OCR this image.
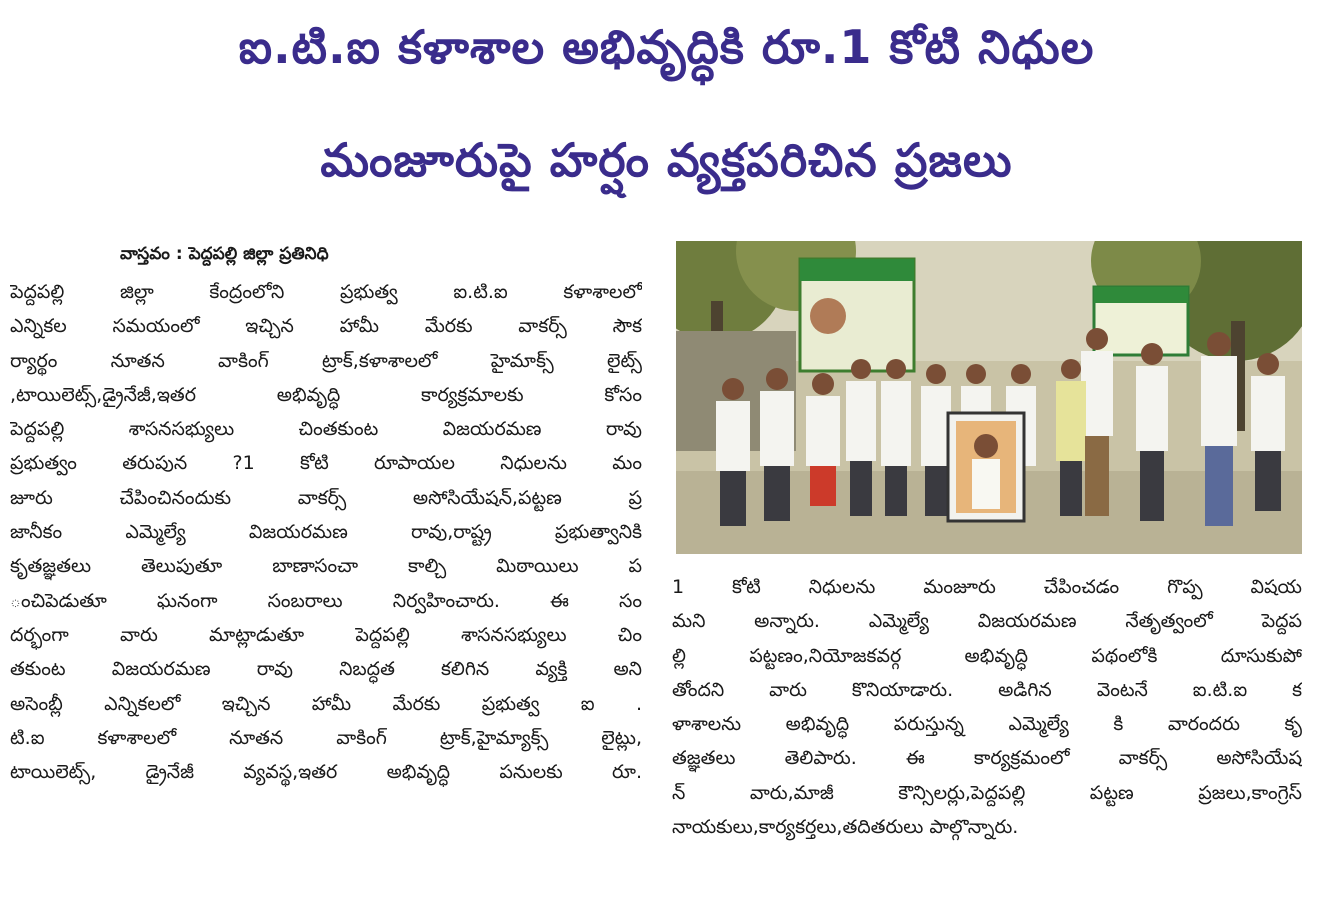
ఐ.టి.ఐ కళాశాల అభివృద్ధికి రూ.1 కోటి నిధుల
మంజూరుపై హర్షం వ్యక్తపరిచిన ప్రజలు
వాస్తవం : పెద్దపల్లి జిల్లా ప్రతినిధి
పెద్దపల్లి జిల్లా కేంద్రంలోని ప్రభుత్వ ఐ.టి.ఐ కళాశాలలో
ఎన్నికల సమయంలో ఇచ్చిన హామీ మేరకు వాకర్స్ సౌక
ర్యార్థం నూతన వాకింగ్ ట్రాక్,కళాశాలలో హైమాక్స్ లైట్స్
,టాయిలెట్స్,డ్రైనేజీ,ఇతర అభివృద్ధి కార్యక్రమాలకు కోసం
పెద్దపల్లి శాసనసభ్యులు చింతకుంట విజయరమణ రావు
ప్రభుత్వం తరుపున ?1 కోటి రూపాయల నిధులను మం
జూరు చేపించినందుకు వాకర్స్ అసోసియేషన్,పట్టణ ప్ర
జానీకం ఎమ్మెల్యే విజయరమణ రావు,రాష్ట్ర ప్రభుత్వానికి
కృతజ్ఞతలు తెలుపుతూ బాణాసంచా కాల్చి మిఠాయిలు ప
ంచిపెడుతూ ఘనంగా సంబరాలు నిర్వహించారు. ఈ సం
దర్భంగా వారు మాట్లాడుతూ పెద్దపల్లి శాసనసభ్యులు చిం
తకుంట విజయరమణ రావు నిబద్ధత కలిగిన వ్యక్తి అని
అసెంబ్లీ ఎన్నికలలో ఇచ్చిన హామీ మేరకు ప్రభుత్వ ఐ .
టి.ఐ కళాశాలలో నూతన వాకింగ్ ట్రాక్,హైమ్యాక్స్ లైట్లు,
టాయిలెట్స్, డ్రైనేజీ వ్యవస్థ,ఇతర అభివృద్ధి పనులకు రూ.
1 కోటి నిధులను మంజూరు చేపించడం గొప్ప విషయ
మని అన్నారు. ఎమ్మెల్యే విజయరమణ నేతృత్వంలో పెద్దప
ల్లి పట్టణం,నియోజకవర్గ అభివృద్ధి పథంలోకి దూసుకుపో
తోందని వారు కొనియాడారు. అడిగిన వెంటనే ఐ.టి.ఐ క
ళాశాలను అభివృద్ధి పరుస్తున్న ఎమ్మెల్యే కి వారందరు కృ
తజ్ఞతలు తెలిపారు. ఈ కార్యక్రమంలో వాకర్స్ అసోసియేష
న్ వారు,మాజీ కౌన్సిలర్లు,పెద్దపల్లి పట్టణ ప్రజలు,కాంగ్రెస్
నాయకులు,కార్యకర్తలు,తదితరులు పాల్గొన్నారు.
